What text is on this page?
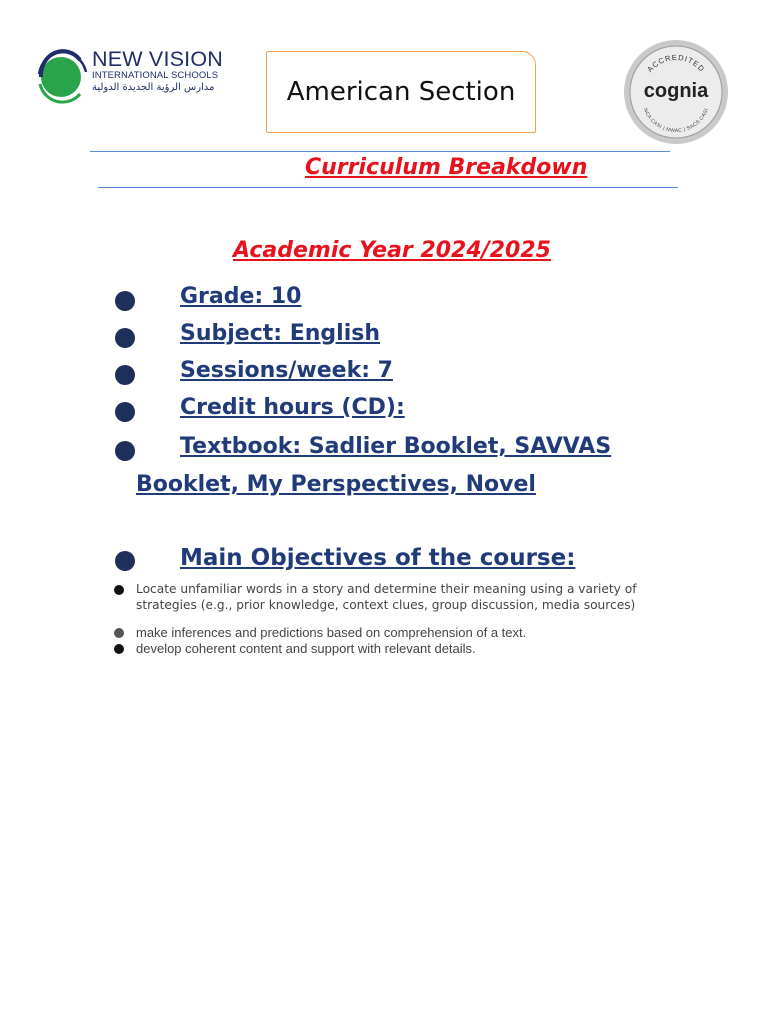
NEW VISION
INTERNATIONAL SCHOOLS
مدارس الرؤية الجديدة الدولية	American Section
ACCREDITED
cognia
NCA CASI | NWAC | SACS CASI
Curriculum Breakdown
Academic Year 2024/2025
Grade: 10
Subject: English
Sessions/week: 7
Credit hours (CD):
Textbook: Sadlier Booklet, SAVVAS
Booklet, My Perspectives, Novel
Main Objectives of the course:
Locate unfamiliar words in a story and determine their meaning using a variety of strategies (e.g., prior knowledge, context clues, group discussion, media sources)
make inferences and predictions based on comprehension of a text.
develop coherent content and support with relevant details.
